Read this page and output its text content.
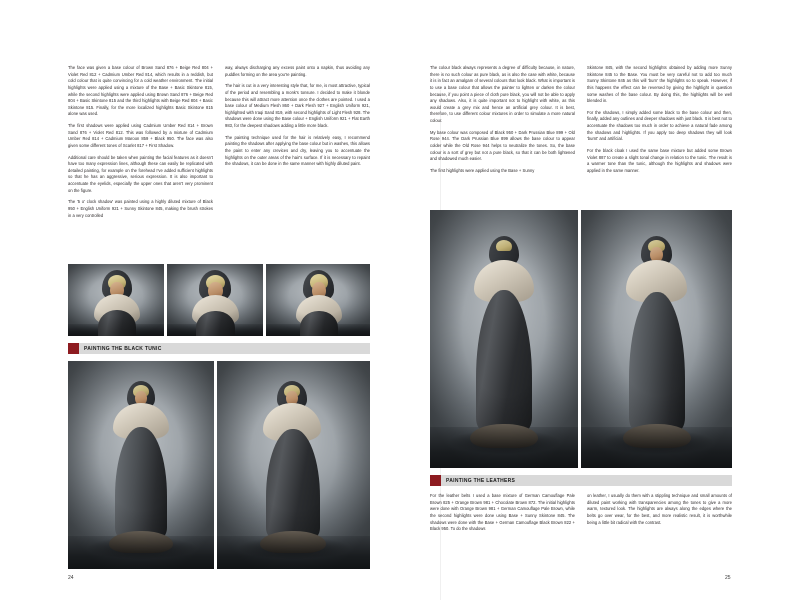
The face was given a base colour of Brown Sand 876 + Beige Red 804 + Violet Red 812 + Cadmium Umber Red 814, which results in a reddish, but cold colour that is quite convincing for a cold weather environment. The initial highlights were applied using a mixture of the Base + Basic Skintone 815, while the second highlights were applied using Brown Sand 876 + Beige Red 804 + Basic Skintone 815 and the third highlights with Beige Red 804 + Basic Skintone 815. Finally, for the more localized highlights Basic Skintone 815 alone was used.

The first shadows were applied using Cadmium Umber Red 814 + Brown Sand 876 + Violet Red 812. This was followed by a mixture of Cadmium Umber Red 814 + Cadmium Maroon 859 + Black 950. The face was also given some different tones of Scarlet 817 + First Shadow.

Additional care should be taken when painting the facial features as it doesn't have too many expression lines, although these can easily be replicated with detailed painting, for example on the forehead I've added sufficient highlights so that he has an aggressive, serious expression. It is also important to accentuate the eyelids, especially the upper ones that aren't very prominent on the figure.

The '5 o' clock shadow' was painted using a highly diluted mixture of Black 950 + English Uniform 921 + Sunny Skintone 845, making the brush strokes in a very controlled

way, always discharging any excess paint onto a napkin, thus avoiding any puddles forming on the area you're painting.

The hair is cut in a very interesting style that, for me, is most attractive, typical of the period and resembling a monk's tonsure. I decided to make it blonde because this will attract more attention once the clothes are pointed. I used a base colour of Medium Flesh 860 + Dark Flesh 927 + English Uniform 921, highlighted with Iraqi Sand 819, with second highlights of Light Flesh 928. The shadows were done using the Base colour + English Uniform 921 + Flat Earth 983, for the deepest shadows adding a little more black.

The painting technique used for the hair is relatively easy, I recommend painting the shadows after applying the base colour but in washes, this allows the paint to enter any crevices and dry, leaving you to accentuate the highlights on the outer areas of the hair's surface. If it is necessary to repaint the shadows, it can be done in the same manner with highly diluted paint.

PAINTING THE BLACK TUNIC
24

The colour black always represents a degree of difficulty because, in nature, there is no such colour as pure black, as is also the case with white, because it is in fact an amalgam of several colours that look black. What is important is to use a base colour that allows the painter to lighten or darken the colour because, if you point a piece of cloth pure black, you will not be able to apply any shadows. Also, it is quite important not to highlight with white, as this would create a grey mix and hence an artificial grey colour. It is best, therefore, to use different colour mixtures in order to simulate a more natural colour.

My base colour was composed of Black 950 + Dark Prussian Blue 899 + Old Rose 944. The Dark Prussian Blue 899 allows the base colour to appear colder while the Old Rose 944 helps to neutralize the tones. So, the base colour is a sort of grey but not a pure black, so that it can be both lightened and shadowed much easier.

The first highlights were applied using the Base + Sunny

Skintone 845, with the second highlights obtained by adding more Sunny Skintone 845 to the Base. You must be very careful not to add too much Sunny Skintone 845 as this will 'burn' the highlights so to speak. However, if this happens the effect can be reversed by giving the highlight in question some washes of the base colour. By doing this, the highlights will be well blended in.

For the shadows, I simply added some black to the base colour and then, finally, added any outlines and deeper shadows with just black. It is best not to accentuate the shadows too much in order to achieve a natural fade among the shadows and highlights. If you apply too deep shadows they will look 'burnt' and artificial.

For the black cloak I used the same base mixture but added some Brown Violet 887 to create a slight tonal change in relation to the tunic. The result is a warmer tone than the tunic, although the highlights and shadows were applied in the same manner.

PAINTING THE LEATHERS

For the leather belts I used a base mixture of German Camouflage Pale Brown 825 + Orange Brown 981 + Chocolate Brown 872. The initial highlights were done with Orange Brown 981 + German Camouflage Pale Brown, while the second highlights were done using Base + Sunny Skintone 845. The shadows were done with the Base + German Camouflage Black Brown 822 + Black 950. To do the shadows

on leather, I usually do them with a stippling technique and small amounts of diluted paint working with transparencies among the tones to give a more warm, textured look. The highlights are always along the edges where the belts go over wear, for the best, and more realistic result, it is worthwhile being a little bit radical with the contrast.

25
